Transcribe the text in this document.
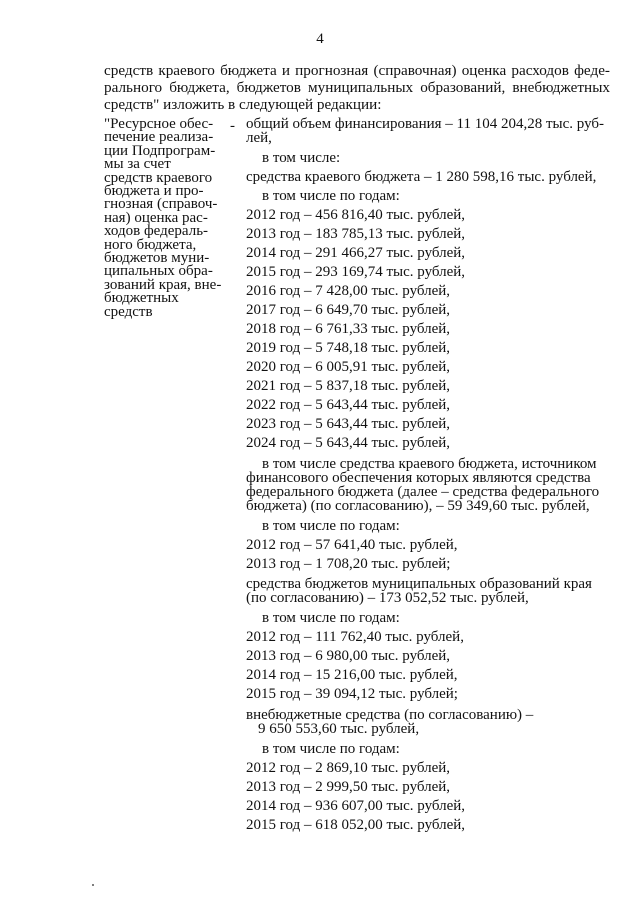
4
средств краевого бюджета и прогнозная (справочная) оценка расходов феде-
рального бюджета, бюджетов муниципальных образований, внебюджетных
средств" изложить в следующей редакции:
"Ресурсное обес-
печение реализа-
ции Подпрограм-
мы за счет
средств краевого
бюджета и про-
гнозная (справоч-
ная) оценка рас-
ходов федераль-
ного бюджета,
бюджетов муни-
ципальных обра-
зований края, вне-
бюджетных
средств
- общий объем финансирования – 11 104 204,28 тыс. руб-
лей,
в том числе:
средства краевого бюджета – 1 280 598,16 тыс. рублей,
в том числе по годам:
2012 год – 456 816,40 тыс. рублей,
2013 год – 183 785,13 тыс. рублей,
2014 год – 291 466,27 тыс. рублей,
2015 год – 293 169,74 тыс. рублей,
2016 год – 7 428,00 тыс. рублей,
2017 год – 6 649,70 тыс. рублей,
2018 год – 6 761,33 тыс. рублей,
2019 год – 5 748,18 тыс. рублей,
2020 год – 6 005,91 тыс. рублей,
2021 год – 5 837,18 тыс. рублей,
2022 год – 5 643,44 тыс. рублей,
2023 год – 5 643,44 тыс. рублей,
2024 год – 5 643,44 тыс. рублей,
в том числе средства краевого бюджета, источником
финансового обеспечения которых являются средства
федерального бюджета (далее – средства федерального
бюджета) (по согласованию), – 59 349,60 тыс. рублей,
в том числе по годам:
2012 год – 57 641,40 тыс. рублей,
2013 год – 1 708,20 тыс. рублей;
средства бюджетов муниципальных образований края
(по согласованию) – 173 052,52 тыс. рублей,
в том числе по годам:
2012 год – 111 762,40 тыс. рублей,
2013 год – 6 980,00 тыс. рублей,
2014 год – 15 216,00 тыс. рублей,
2015 год – 39 094,12 тыс. рублей;
внебюджетные средства (по согласованию) –
9 650 553,60 тыс. рублей,
в том числе по годам:
2012 год – 2 869,10 тыс. рублей,
2013 год – 2 999,50 тыс. рублей,
2014 год – 936 607,00 тыс. рублей,
2015 год – 618 052,00 тыс. рублей,
